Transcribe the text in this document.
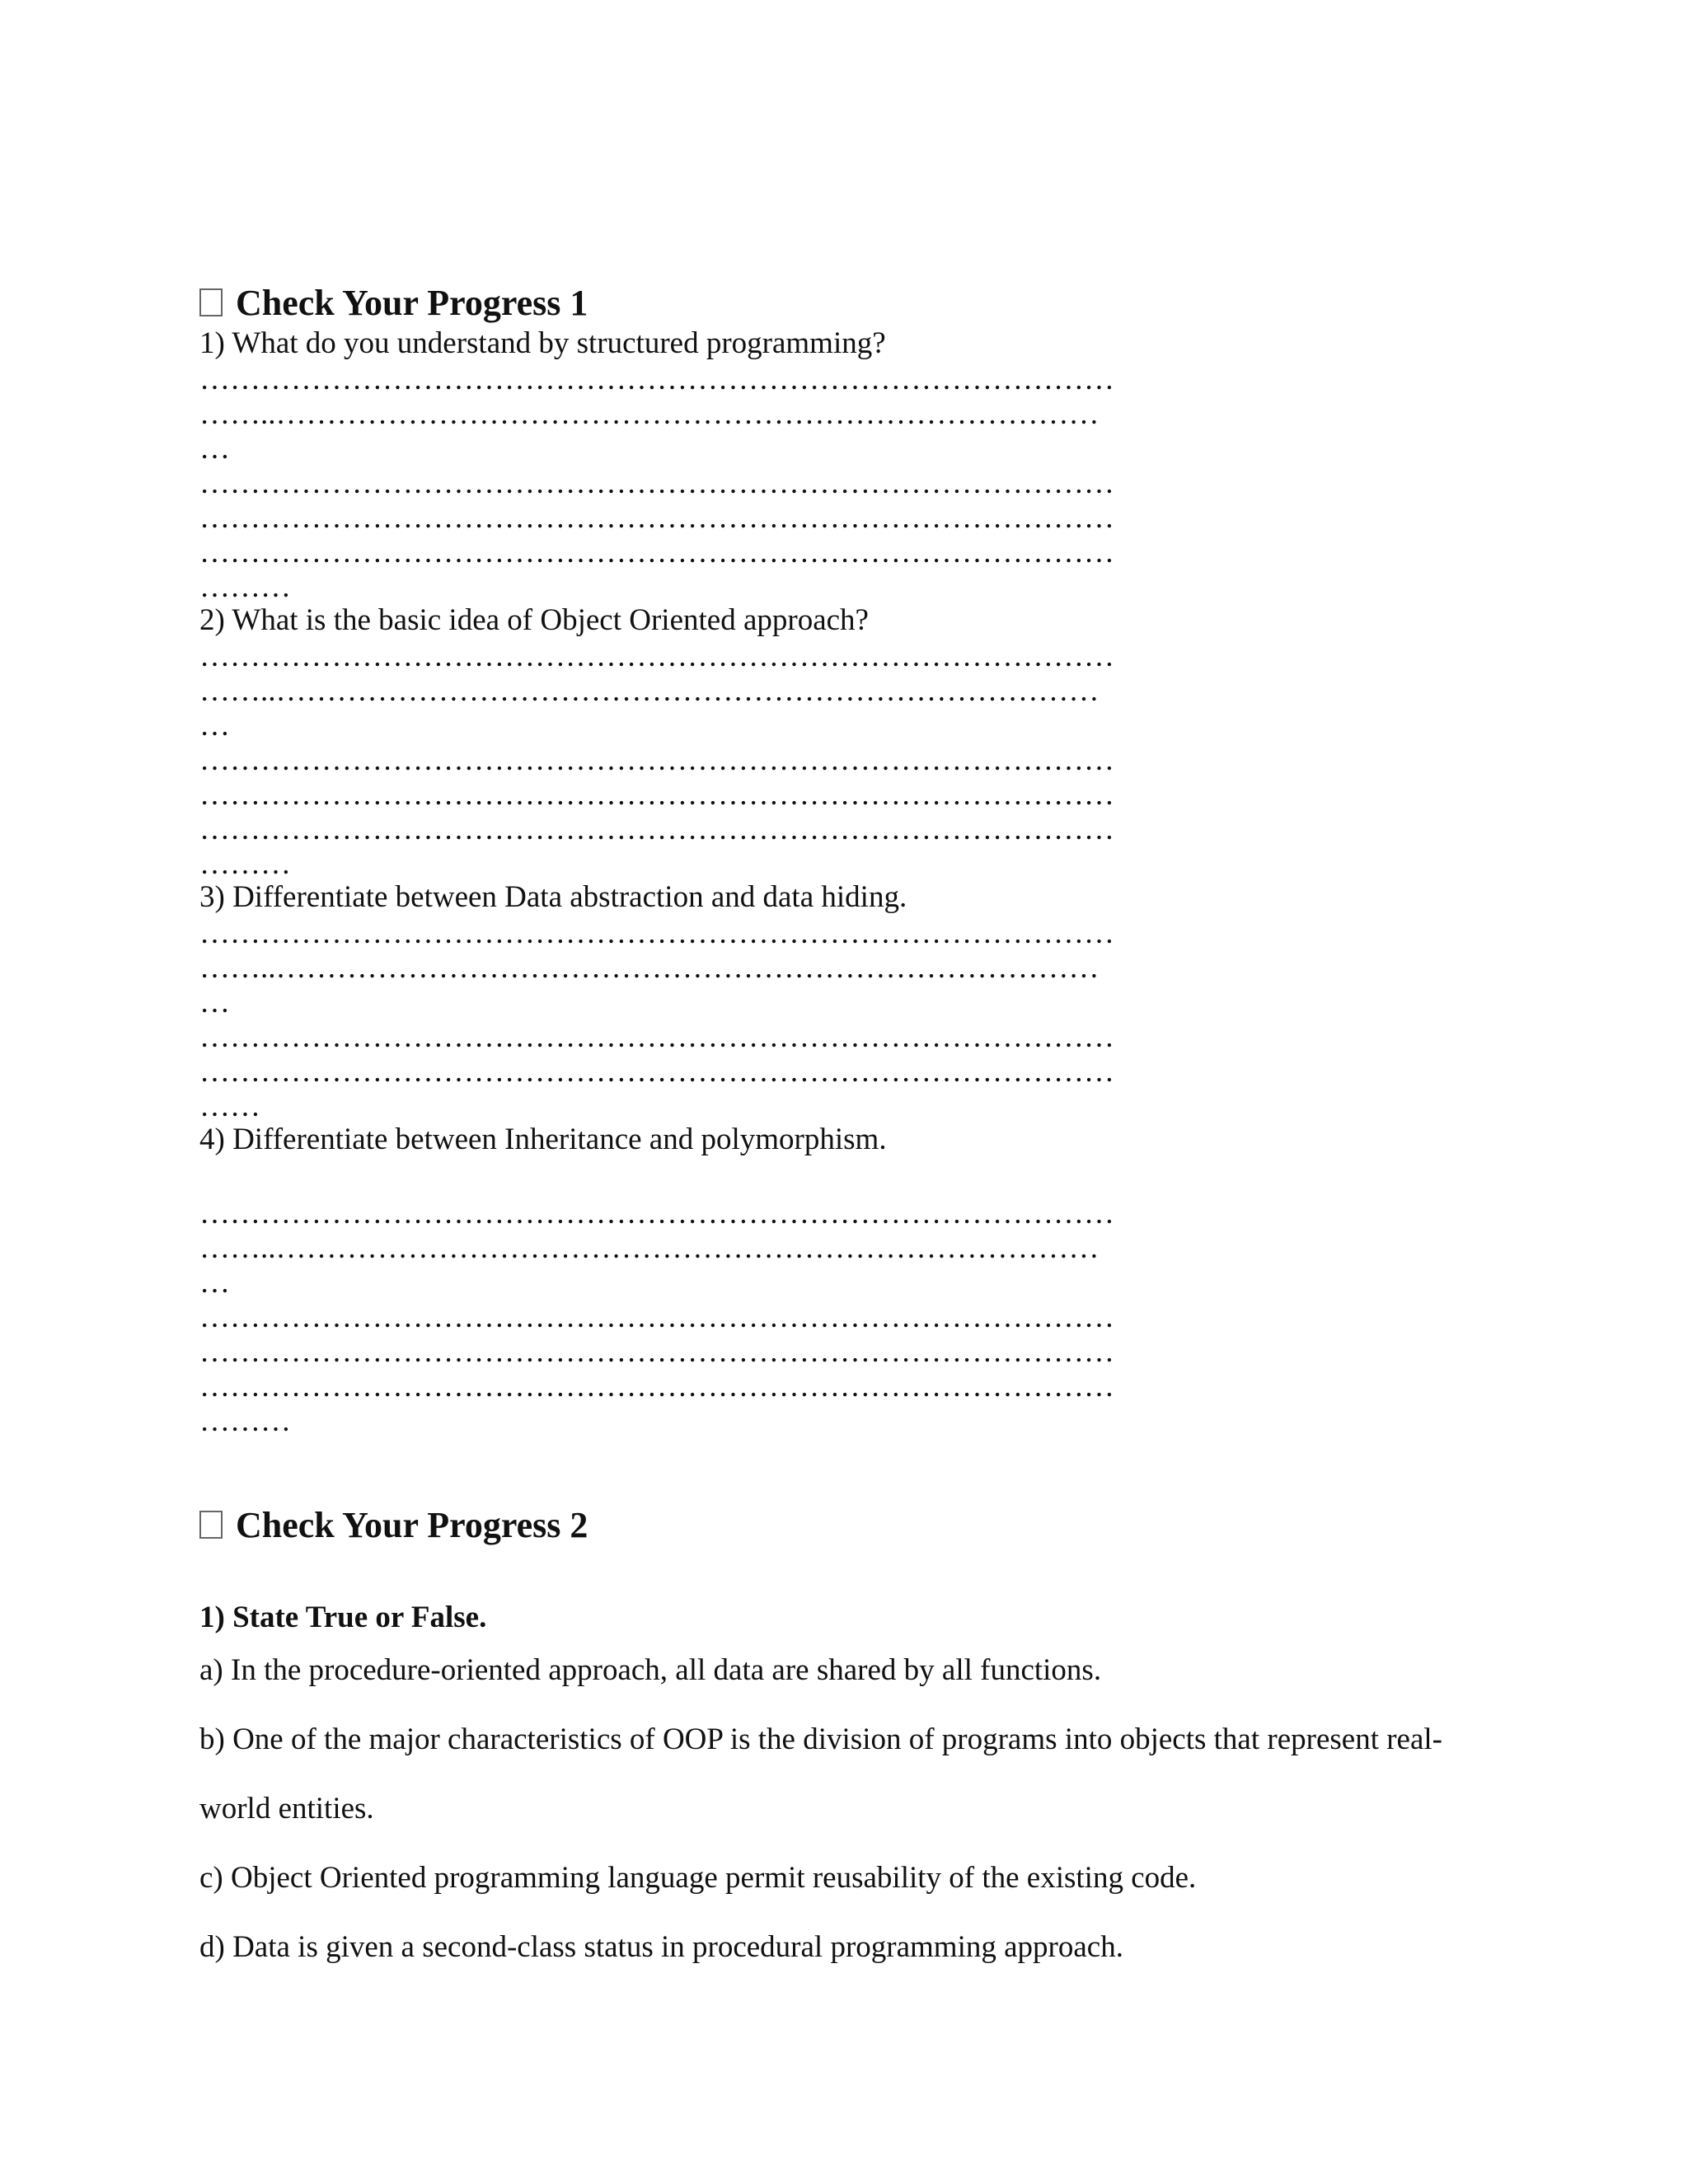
Check Your Progress 1
1) What do you understand by structured programming?
………………………………………………………………………………
……..………………………………………………………………………
…
………………………………………………………………………………
………………………………………………………………………………
………………………………………………………………………………
………
2) What is the basic idea of Object Oriented approach?
………………………………………………………………………………
……..………………………………………………………………………
…
………………………………………………………………………………
………………………………………………………………………………
………………………………………………………………………………
………
3) Differentiate between Data abstraction and data hiding.
………………………………………………………………………………
……..………………………………………………………………………
…
………………………………………………………………………………
………………………………………………………………………………
……
4) Differentiate between Inheritance and polymorphism.
………………………………………………………………………………
……..………………………………………………………………………
…
………………………………………………………………………………
………………………………………………………………………………
………………………………………………………………………………
………
Check Your Progress 2
1) State True or False.
a) In the procedure-oriented approach, all data are shared by all functions.
b) One of the major characteristics of OOP is the division of programs into objects that represent real-
world entities.
c) Object Oriented programming language permit reusability of the existing code.
d) Data is given a second-class status in procedural programming approach.
